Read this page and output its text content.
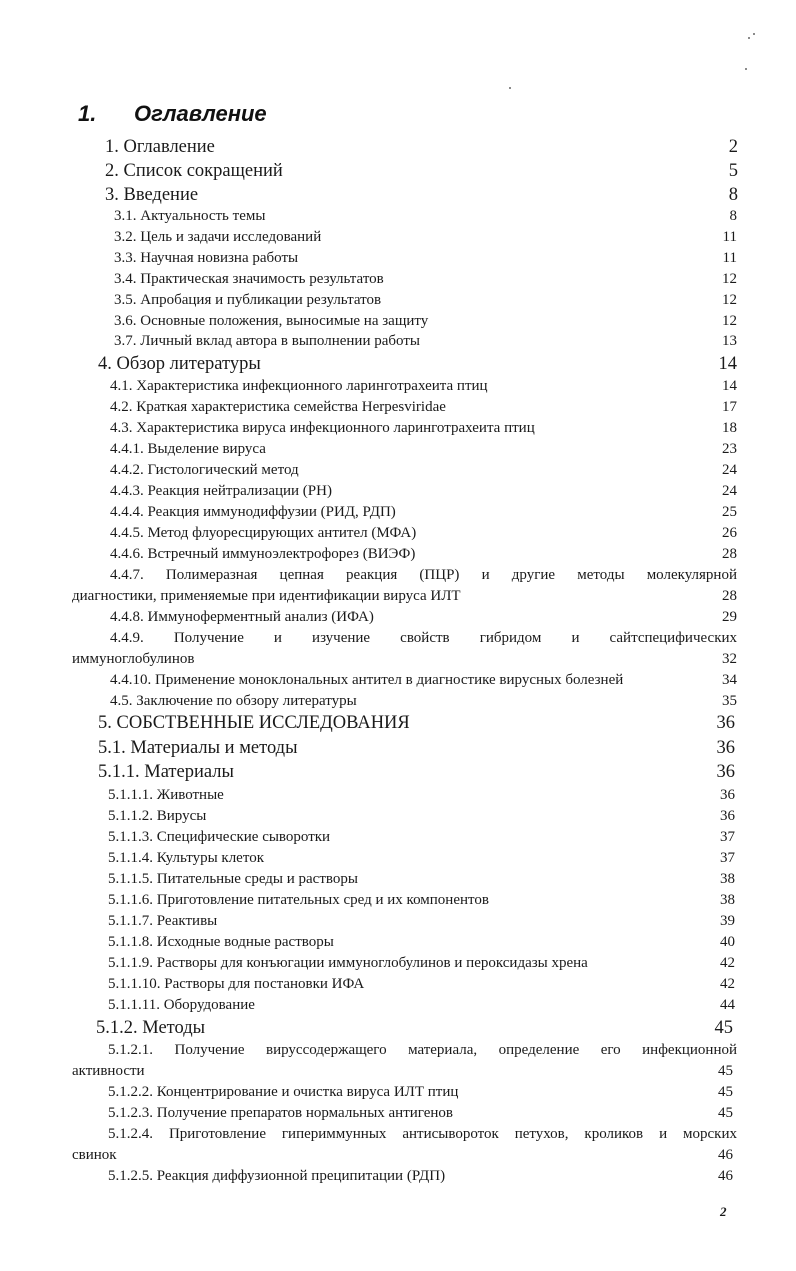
1. Оглавление
1. Оглавление	2
2. Список сокращений	5
3. Введение	8
3.1. Актуальность темы	8
3.2. Цель и задачи исследований	11
3.3. Научная новизна работы	11
3.4. Практическая значимость результатов	12
3.5. Апробация и публикации результатов	12
3.6. Основные положения, выносимые на защиту	12
3.7. Личный вклад автора в выполнении работы	13
4. Обзор литературы	14
4.1. Характеристика инфекционного ларинготрахеита птиц	14
4.2. Краткая характеристика семейства Herpesviridae	17
4.3. Характеристика вируса инфекционного ларинготрахеита птиц	18
4.4.1. Выделение вируса	23
4.4.2. Гистологический метод	24
4.4.3. Реакция нейтрализации (РН)	24
4.4.4. Реакция иммунодиффузии (РИД, РДП)	25
4.4.5. Метод флуоресцирующих антител (МФА)	26
4.4.6. Встречный иммуноэлектрофорез (ВИЭФ)	28
4.4.7. Полимеразная цепная реакция (ПЦР) и другие методы молекулярной
диагностики, применяемые при идентификации вируса ИЛТ	28
4.4.8. Иммуноферментный анализ (ИФА)	29
4.4.9. Получение и изучение свойств гибридом и сайтспецифических
иммуноглобулинов	32
4.4.10. Применение моноклональных антител в диагностике вирусных болезней	34
4.5. Заключение по обзору литературы	35
5. СОБСТВЕННЫЕ ИССЛЕДОВАНИЯ	36
5.1. Материалы и методы	36
5.1.1. Материалы	36
5.1.1.1. Животные	36
5.1.1.2. Вирусы	36
5.1.1.3. Специфические сыворотки	37
5.1.1.4. Культуры клеток	37
5.1.1.5. Питательные среды и растворы	38
5.1.1.6. Приготовление питательных сред и их компонентов	38
5.1.1.7. Реактивы	39
5.1.1.8. Исходные водные растворы	40
5.1.1.9. Растворы для конъюгации иммуноглобулинов и пероксидазы хрена	42
5.1.1.10. Растворы для постановки ИФА	42
5.1.1.11. Оборудование	44
5.1.2. Методы	45
5.1.2.1. Получение вируссодержащего материала, определение его инфекционной
активности	45
5.1.2.2. Концентрирование и очистка вируса ИЛТ птиц	45
5.1.2.3. Получение препаратов нормальных антигенов	45
5.1.2.4. Приготовление гипериммунных антисывороток петухов, кроликов и морских
свинок	46
5.1.2.5. Реакция диффузионной преципитации (РДП)	46
2
